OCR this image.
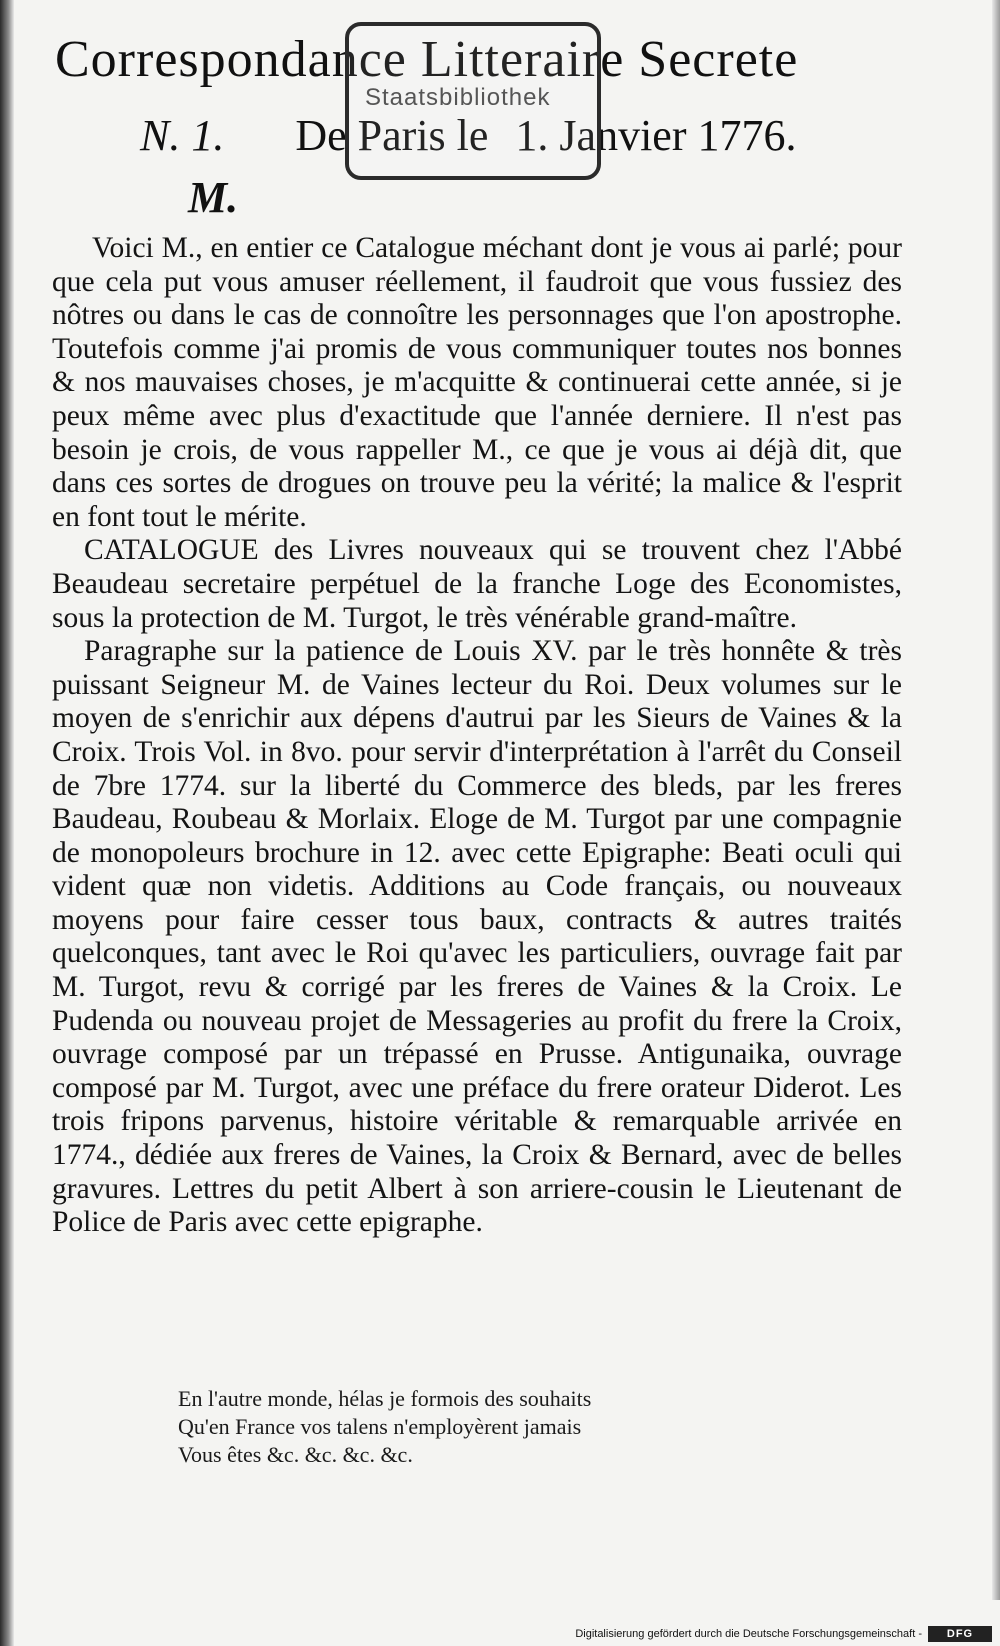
Correspondance Litteraire Secrete
N. 1. De Paris le 1. Janvier 1776.
Staatsbibliothek
M.

Voici M., en entier ce Catalogue méchant dont je vous ai parlé; pour que cela put vous amuser réellement, il faudroit que vous fussiez des nôtres ou dans le cas de connoître les personnages que l'on apostrophe. Toutefois comme j'ai promis de vous communiquer toutes nos bonnes & nos mauvaises choses, je m'acquitte & continuerai cette année, si je peux même avec plus d'exactitude que l'année derniere. Il n'est pas besoin je crois, de vous rappeller M., ce que je vous ai déjà dit, que dans ces sortes de drogues on trouve peu la vérité; la malice & l'esprit en font tout le mérite.

CATALOGUE des Livres nouveaux qui se trouvent chez l'Abbé Beaudeau secretaire perpétuel de la franche Loge des Economistes, sous la protection de M. Turgot, le très vénérable grand-maître.

Paragraphe sur la patience de Louis XV. par le très honnête & très puissant Seigneur M. de Vaines lecteur du Roi. Deux volumes sur le moyen de s'enrichir aux dépens d'autrui par les Sieurs de Vaines & la Croix. Trois Vol. in 8vo. pour servir d'interprétation à l'arrêt du Conseil de 7bre 1774. sur la liberté du Commerce des bleds, par les freres Baudeau, Roubeau & Morlaix. Eloge de M. Turgot par une compagnie de monopoleurs brochure in 12. avec cette Epigraphe: Beati oculi qui vident quæ non videtis. Additions au Code français, ou nouveaux moyens pour faire cesser tous baux, contracts & autres traités quelconques, tant avec le Roi qu'avec les particuliers, ouvrage fait par M. Turgot, revu & corrigé par les freres de Vaines & la Croix. Le Pudenda ou nouveau projet de Messageries au profit du frere la Croix, ouvrage composé par un trépassé en Prusse. Antigunaika, ouvrage composé par M. Turgot, avec une préface du frere orateur Diderot. Les trois fripons parvenus, histoire véritable & remarquable arrivée en 1774., dédiée aux freres de Vaines, la Croix & Bernard, avec de belles gravures. Lettres du petit Albert à son arriere-cousin le Lieutenant de Police de Paris avec cette epigraphe.

En l'autre monde, hélas je formois des souhaits
Qu'en France vos talens n'employèrent jamais
Vous êtes &c. &c. &c. &c.
Digitalisierung gefördert durch die Deutsche Forschungsgemeinschaft -	DFG
